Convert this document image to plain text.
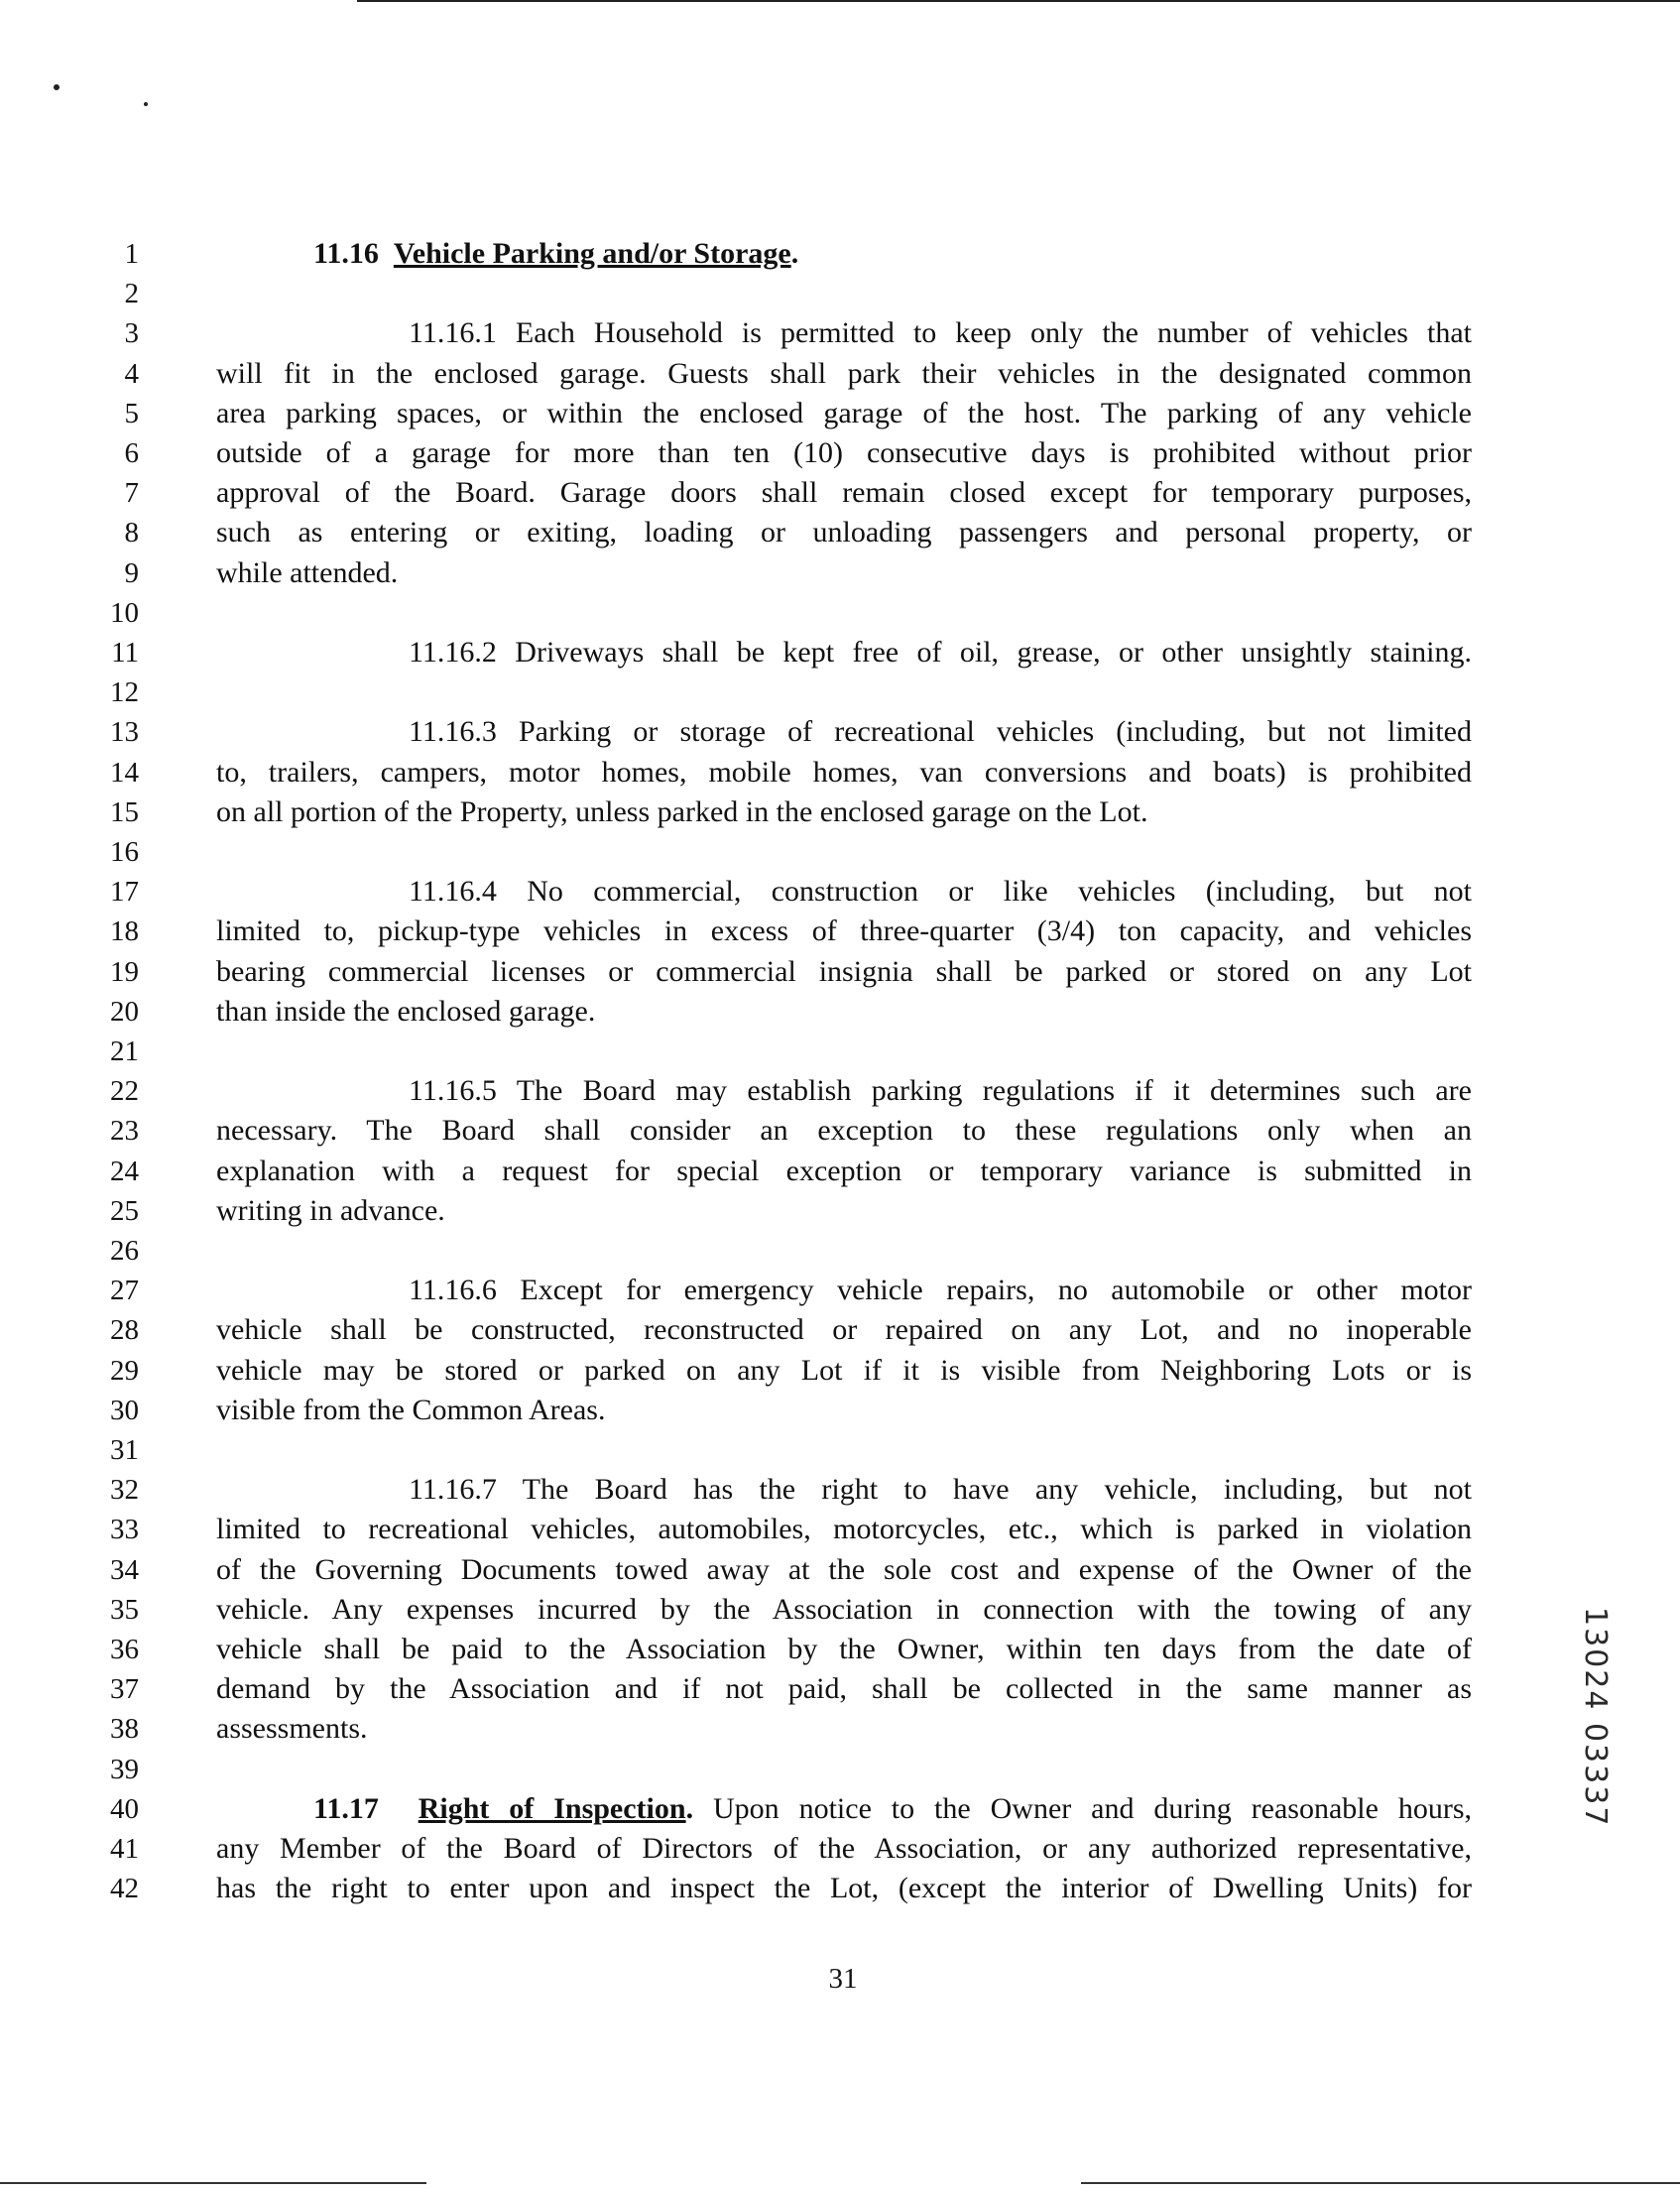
1
2
3
4
5
6
7
8
9
10
11
12
13
14
15
16
17
18
19
20
21
22
23
24
25
26
27
28
29
30
31
32
33
34
35
36
37
38
39
40
41
42
11.16 Vehicle Parking and/or Storage.
11.16.1 Each Household is permitted to keep only the number of vehicles that
will fit in the enclosed garage. Guests shall park their vehicles in the designated common
area parking spaces, or within the enclosed garage of the host. The parking of any vehicle
outside of a garage for more than ten (10) consecutive days is prohibited without prior
approval of the Board. Garage doors shall remain closed except for temporary purposes,
such as entering or exiting, loading or unloading passengers and personal property, or
while attended.
11.16.2 Driveways shall be kept free of oil, grease, or other unsightly staining.
11.16.3 Parking or storage of recreational vehicles (including, but not limited
to, trailers, campers, motor homes, mobile homes, van conversions and boats) is prohibited
on all portion of the Property, unless parked in the enclosed garage on the Lot.
11.16.4 No commercial, construction or like vehicles (including, but not
limited to, pickup-type vehicles in excess of three-quarter (3/4) ton capacity, and vehicles
bearing commercial licenses or commercial insignia shall be parked or stored on any Lot
than inside the enclosed garage.
11.16.5 The Board may establish parking regulations if it determines such are
necessary. The Board shall consider an exception to these regulations only when an
explanation with a request for special exception or temporary variance is submitted in
writing in advance.
11.16.6 Except for emergency vehicle repairs, no automobile or other motor
vehicle shall be constructed, reconstructed or repaired on any Lot, and no inoperable
vehicle may be stored or parked on any Lot if it is visible from Neighboring Lots or is
visible from the Common Areas.
11.16.7 The Board has the right to have any vehicle, including, but not
limited to recreational vehicles, automobiles, motorcycles, etc., which is parked in violation
of the Governing Documents towed away at the sole cost and expense of the Owner of the
vehicle. Any expenses incurred by the Association in connection with the towing of any
vehicle shall be paid to the Association by the Owner, within ten days from the date of
demand by the Association and if not paid, shall be collected in the same manner as
assessments.
11.17 Right of Inspection. Upon notice to the Owner and during reasonable hours,
any Member of the Board of Directors of the Association, or any authorized representative,
has the right to enter upon and inspect the Lot, (except the interior of Dwelling Units) for
31
13024 03337
